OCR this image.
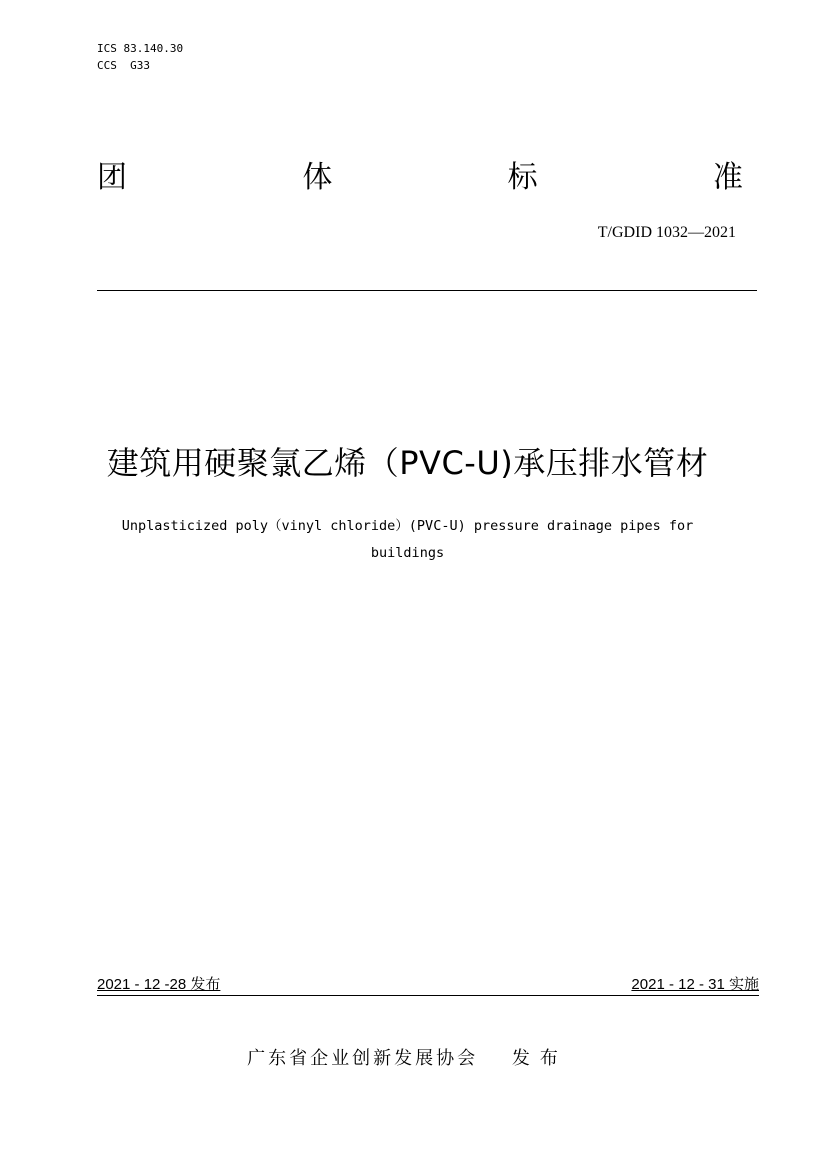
ICS 83.140.30
CCS  G33
团	体	标	准
T/GDID 1032—2021
建筑用硬聚氯乙烯（PVC-U)承压排水管材
Unplasticized poly（vinyl chloride）(PVC-U) pressure drainage pipes for
buildings
2021 - 12 -28 发布	2021 - 12 - 31 实施
广东省企业创新发展协会 发布
